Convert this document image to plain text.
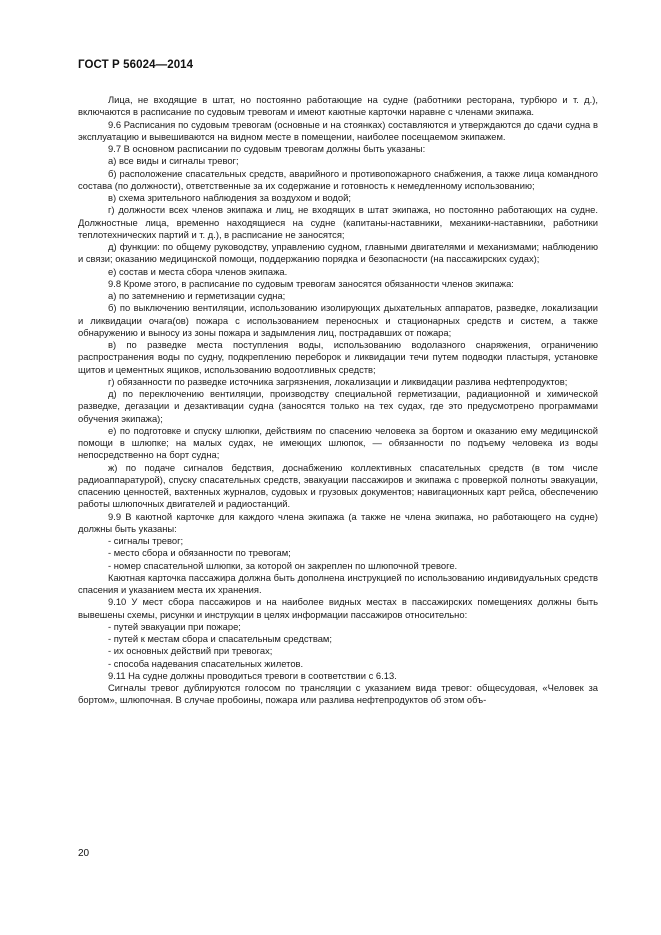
ГОСТ Р 56024—2014

Лица, не входящие в штат, но постоянно работающие на судне (работники ресторана, турбюро и т. д.), включаются в расписание по судовым тревогам и имеют каютные карточки наравне с членами экипажа.

9.6 Расписания по судовым тревогам (основные и на стоянках) составляются и утверждаются до сдачи судна в эксплуатацию и вывешиваются на видном месте в помещении, наиболее посещаемом экипажем.

9.7 В основном расписании по судовым тревогам должны быть указаны:

а) все виды и сигналы тревог;

б) расположение спасательных средств, аварийного и противопожарного снабжения, а также лица командного состава (по должности), ответственные за их содержание и готовность к немедленному использованию;

в) схема зрительного наблюдения за воздухом и водой;

г) должности всех членов экипажа и лиц, не входящих в штат экипажа, но постоянно работающих на судне. Должностные лица, временно находящиеся на судне (капитаны-наставники, механики-наставники, работники теплотехнических партий и т. д.), в расписание не заносятся;

д) функции: по общему руководству, управлению судном, главными двигателями и механизмами; наблюдению и связи; оказанию медицинской помощи, поддержанию порядка и безопасности (на пассажирских судах);

е) состав и места сбора членов экипажа.

9.8 Кроме этого, в расписание по судовым тревогам заносятся обязанности членов экипажа:

а) по затемнению и герметизации судна;

б) по выключению вентиляции, использованию изолирующих дыхательных аппаратов, разведке, локализации и ликвидации очага(ов) пожара с использованием переносных и стационарных средств и систем, а также обнаружению и выносу из зоны пожара и задымления лиц, пострадавших от пожара;

в) по разведке места поступления воды, использованию водолазного снаряжения, ограничению распространения воды по судну, подкреплению переборок и ликвидации течи путем подводки пластыря, установке щитов и цементных ящиков, использованию водоотливных средств;

г) обязанности по разведке источника загрязнения, локализации и ликвидации разлива нефтепродуктов;

д) по переключению вентиляции, производству специальной герметизации, радиационной и химической разведке, дегазации и дезактивации судна (заносятся только на тех судах, где это предусмотрено программами обучения экипажа);

е) по подготовке и спуску шлюпки, действиям по спасению человека за бортом и оказанию ему медицинской помощи в шлюпке; на малых судах, не имеющих шлюпок, — обязанности по подъему человека из воды непосредственно на борт судна;

ж) по подаче сигналов бедствия, доснабжению коллективных спасательных средств (в том числе радиоаппаратурой), спуску спасательных средств, эвакуации пассажиров и экипажа с проверкой полноты эвакуации, спасению ценностей, вахтенных журналов, судовых и грузовых документов; навигационных карт рейса, обеспечению работы шлюпочных двигателей и радиостанций.

9.9 В каютной карточке для каждого члена экипажа (а также не члена экипажа, но работающего на судне) должны быть указаны:

- сигналы тревог;

- место сбора и обязанности по тревогам;

- номер спасательной шлюпки, за которой он закреплен по шлюпочной тревоге.

Каютная карточка пассажира должна быть дополнена инструкцией по использованию индивидуальных средств спасения и указанием места их хранения.

9.10 У мест сбора пассажиров и на наиболее видных местах в пассажирских помещениях должны быть вывешены схемы, рисунки и инструкции в целях информации пассажиров относительно:

- путей эвакуации при пожаре;

- путей к местам сбора и спасательным средствам;

- их основных действий при тревогах;

- способа надевания спасательных жилетов.

9.11 На судне должны проводиться тревоги в соответствии с 6.13.

Сигналы тревог дублируются голосом по трансляции с указанием вида тревог: общесудовая, «Человек за бортом», шлюпочная. В случае пробоины, пожара или разлива нефтепродуктов об этом объ-

20
